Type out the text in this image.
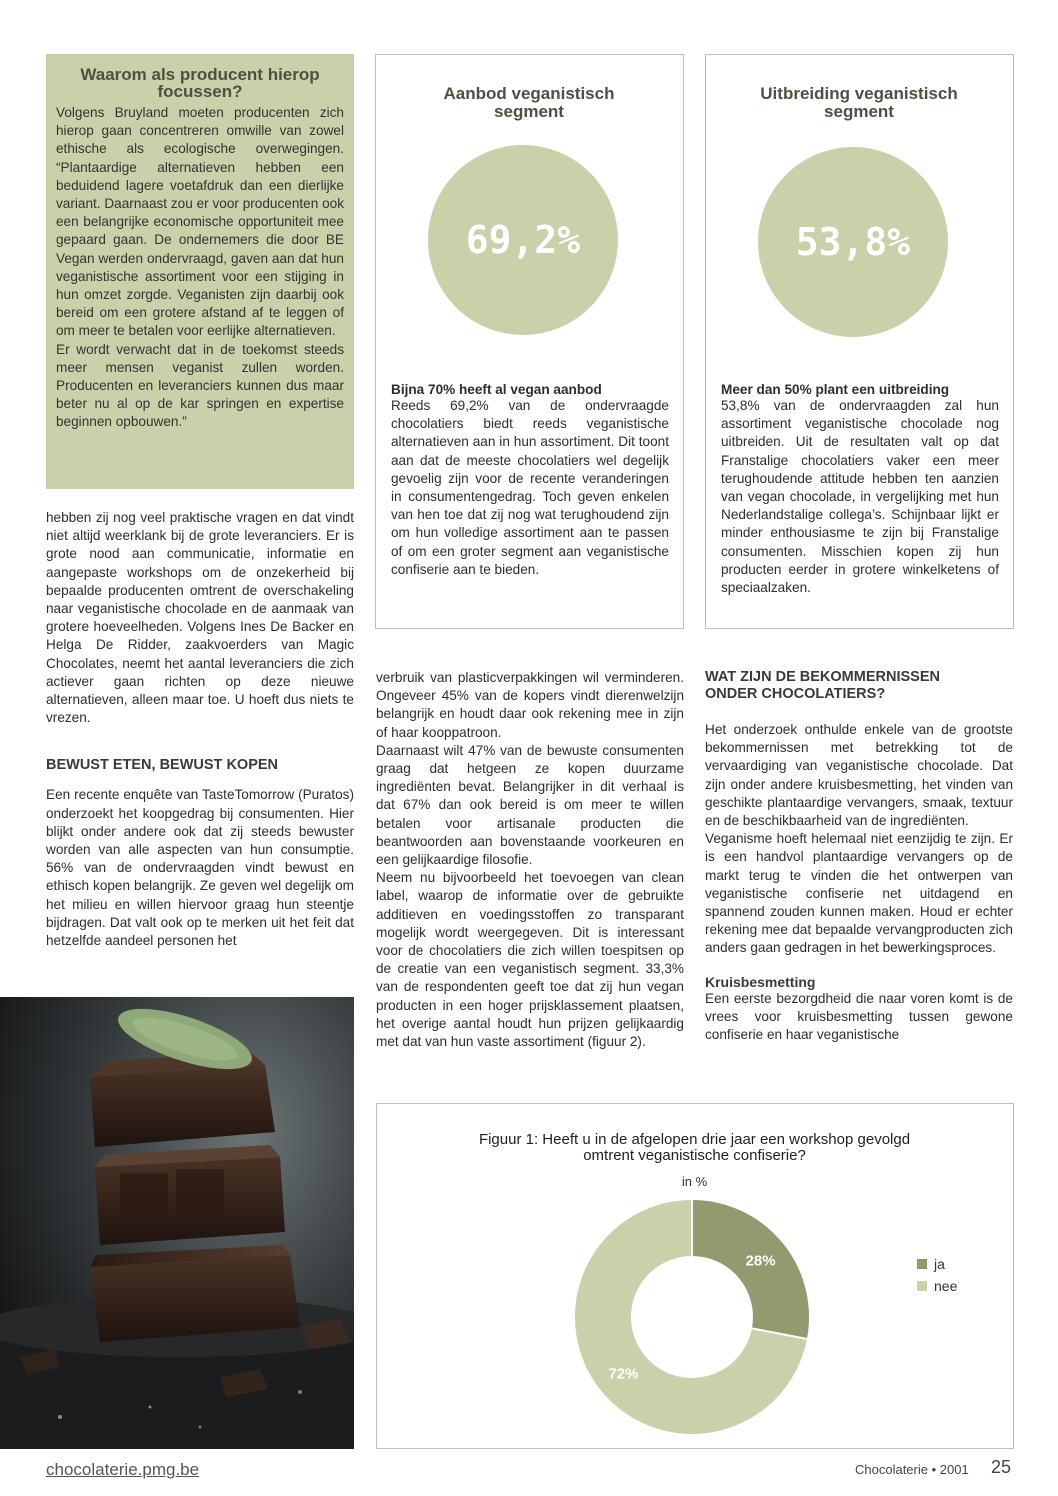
Waarom als producent hierop
focussen?

Volgens Bruyland moeten producenten zich hierop gaan concentreren omwille van zowel ethische als ecologische overwegingen. “Plantaardige alternatieven hebben een beduidend lagere voetafdruk dan een dierlijke variant. Daarnaast zou er voor producenten ook een belangrijke economische opportuniteit mee gepaard gaan. De ondernemers die door BE Vegan werden ondervraagd, gaven aan dat hun veganistische assortiment voor een stijging in hun omzet zorgde. Veganisten zijn daarbij ook bereid om een grotere afstand af te leggen of om meer te betalen voor eerlijke alternatieven.

Er wordt verwacht dat in de toekomst steeds meer mensen veganist zullen worden. Producenten en leveranciers kunnen dus maar beter nu al op de kar springen en expertise beginnen opbouwen.”

Aanbod veganistisch
segment
69,2%
Bijna 70% heeft al vegan aanbod

Reeds 69,2% van de ondervraagde chocolatiers biedt reeds veganistische alternatieven aan in hun assortiment. Dit toont aan dat de meeste chocolatiers wel degelijk gevoelig zijn voor de recente veranderingen in consumentengedrag. Toch geven enkelen van hen toe dat zij nog wat terughoudend zijn om hun volledige assortiment aan te passen of om een groter segment aan veganistische confiserie aan te bieden.

Uitbreiding veganistisch
segment
53,8%
Meer dan 50% plant een uitbreiding

53,8% van de ondervraagden zal hun assortiment veganistische chocolade nog uitbreiden. Uit de resultaten valt op dat Franstalige chocolatiers vaker een meer terughoudende attitude hebben ten aanzien van vegan chocolade, in vergelijking met hun Nederlandstalige collega’s. Schijnbaar lijkt er minder enthousiasme te zijn bij Franstalige consumenten. Misschien kopen zij hun producten eerder in grotere winkelketens of speciaalzaken.

hebben zij nog veel praktische vragen en dat vindt niet altijd weerklank bij de grote leveranciers. Er is grote nood aan communicatie, informatie en aangepaste workshops om de onzekerheid bij bepaalde producenten omtrent de overschakeling naar veganistische chocolade en de aanmaak van grotere hoeveelheden. Volgens Ines De Backer en Helga De Ridder, zaakvoerders van Magic Chocolates, neemt het aantal leveranciers die zich actiever gaan richten op deze nieuwe alternatieven, alleen maar toe. U hoeft dus niets te vrezen.

BEWUST ETEN, BEWUST KOPEN

Een recente enquête van TasteTomorrow (Puratos) onderzoekt het koopgedrag bij consumenten. Hier blijkt onder andere ook dat zij steeds bewuster worden van alle aspecten van hun consumptie. 56% van de ondervraagden vindt bewust en ethisch kopen belangrijk. Ze geven wel degelijk om het milieu en willen hiervoor graag hun steentje bijdragen. Dat valt ook op te merken uit het feit dat hetzelfde aandeel personen het

verbruik van plasticverpakkingen wil verminderen. Ongeveer 45% van de kopers vindt dierenwelzijn belangrijk en houdt daar ook rekening mee in zijn of haar kooppatroon.

Daarnaast wilt 47% van de bewuste consumenten graag dat hetgeen ze kopen duurzame ingrediënten bevat. Belangrijker in dit verhaal is dat 67% dan ook bereid is om meer te willen betalen voor artisanale producten die beantwoorden aan bovenstaande voorkeuren en een gelijkaardige filosofie.

Neem nu bijvoorbeeld het toevoegen van clean label, waarop de informatie over de gebruikte additieven en voedingsstoffen zo transparant mogelijk wordt weergegeven. Dit is interessant voor de chocolatiers die zich willen toespitsen op de creatie van een veganistisch segment. 33,3% van de respondenten geeft toe dat zij hun vegan producten in een hoger prijsklassement plaatsen, het overige aantal houdt hun prijzen gelijkaardig met dat van hun vaste assortiment (figuur 2).

WAT ZIJN DE BEKOMMERNISSEN
ONDER CHOCOLATIERS?

Het onderzoek onthulde enkele van de grootste bekommernissen met betrekking tot de vervaardiging van veganistische chocolade. Dat zijn onder andere kruisbesmetting, het vinden van geschikte plantaardige vervangers, smaak, textuur en de beschikbaarheid van de ingrediënten.

Veganisme hoeft helemaal niet eenzijdig te zijn. Er is een handvol plantaardige vervangers op de markt terug te vinden die het ontwerpen van veganistische confiserie net uitdagend en spannend zouden kunnen maken. Houd er echter rekening mee dat bepaalde vervangproducten zich anders gaan gedragen in het bewerkingsproces.

Kruisbesmetting

Een eerste bezorgdheid die naar voren komt is de vrees voor kruisbesmetting tussen gewone confiserie en haar veganistische

Figuur 1: Heeft u in de afgelopen drie jaar een workshop gevolgd
omtrent veganistische confiserie?
in %
28%
72%
ja
nee
chocolaterie.pmg.be	Chocolaterie • 2001 25
